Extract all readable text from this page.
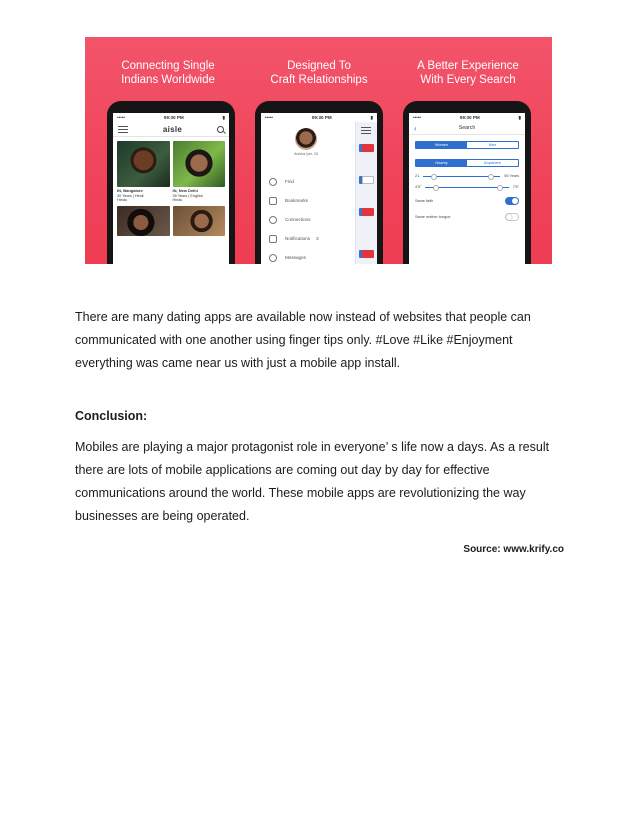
Connecting Single
Indians Worldwide
Designed To
Craft Relationships
A Better Experience
With Every Search
•••••	09:30 PM	▮
aisle
IN, Bangalore
30 Years | Hindi
Hindu
IN, New Delhi
26 Years | English
Hindu
•••••	09:30 PM	▮
Anisha Iyer, 26
Find
Bookmarks
Connections
Notifications 3
Messages
•••••	09:30 PM	▮
‹	Search
Women	Men
Nearby	Anywhere
21	55 Years
4'5"	7'6"
Same faith
Same mother tongue
There are many dating apps are available now instead of websites that people can
communicated with one another using finger tips only. #Love #Like #Enjoyment
everything was came near us with just a mobile app install.
Conclusion:
Mobiles are playing a major protagonist role in everyone’ s life now a days. As a result
there are lots of mobile applications are coming out day by day for effective
communications around the world. These mobile apps are revolutionizing the way
businesses are being operated.
Source: www.krify.co
